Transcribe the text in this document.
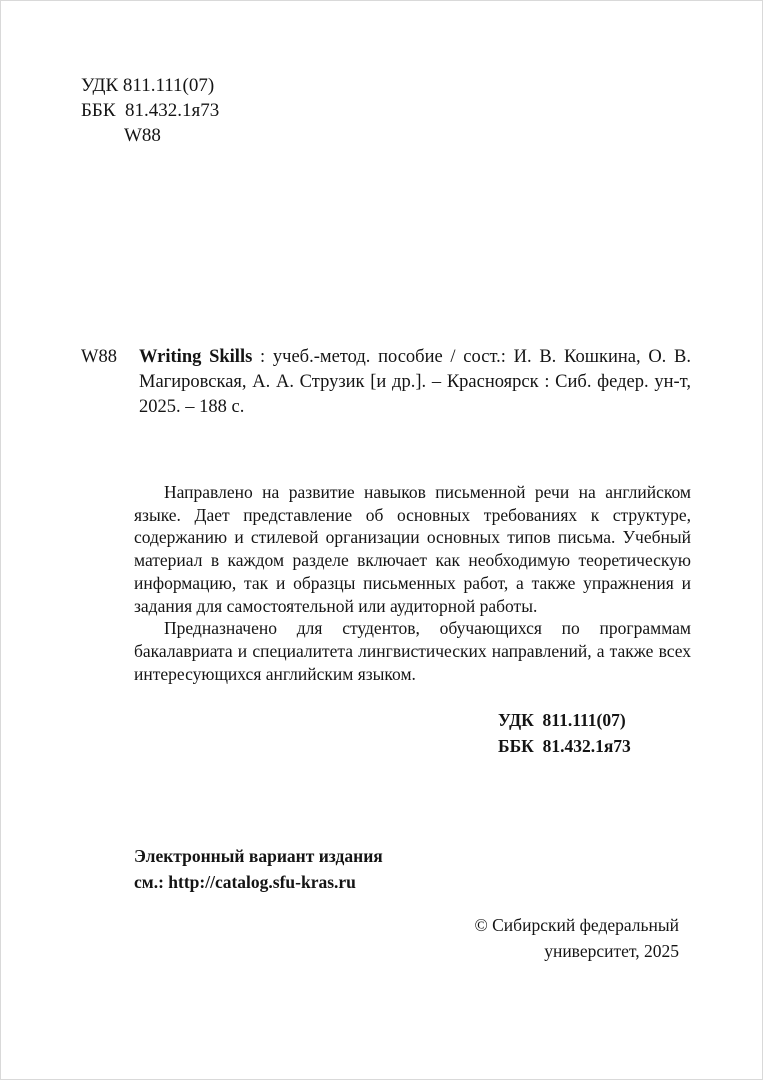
УДК 811.111(07)
ББК  81.432.1я73
W88
W88 Writing Skills : учеб.-метод. пособие / сост.: И. В. Кошкина, О. В. Магировская, А. А. Струзик [и др.]. – Красноярск : Сиб. федер. ун-т, 2025. – 188 с.

Направлено на развитие навыков письменной речи на английском языке. Дает представление об основных требованиях к структуре, содержанию и стилевой организации основных типов письма. Учебный материал в каждом разделе включает как необходимую теоретическую информацию, так и образцы письменных работ, а также упражнения и задания для самостоятельной или аудиторной работы.

Предназначено для студентов, обучающихся по программам бакалавриата и специалитета лингвистических направлений, а также всех интересующихся английским языком.

УДК  811.111(07)
ББК  81.432.1я73
Электронный вариант издания
см.: http://catalog.sfu-kras.ru
© Сибирский федеральный
университет, 2025
